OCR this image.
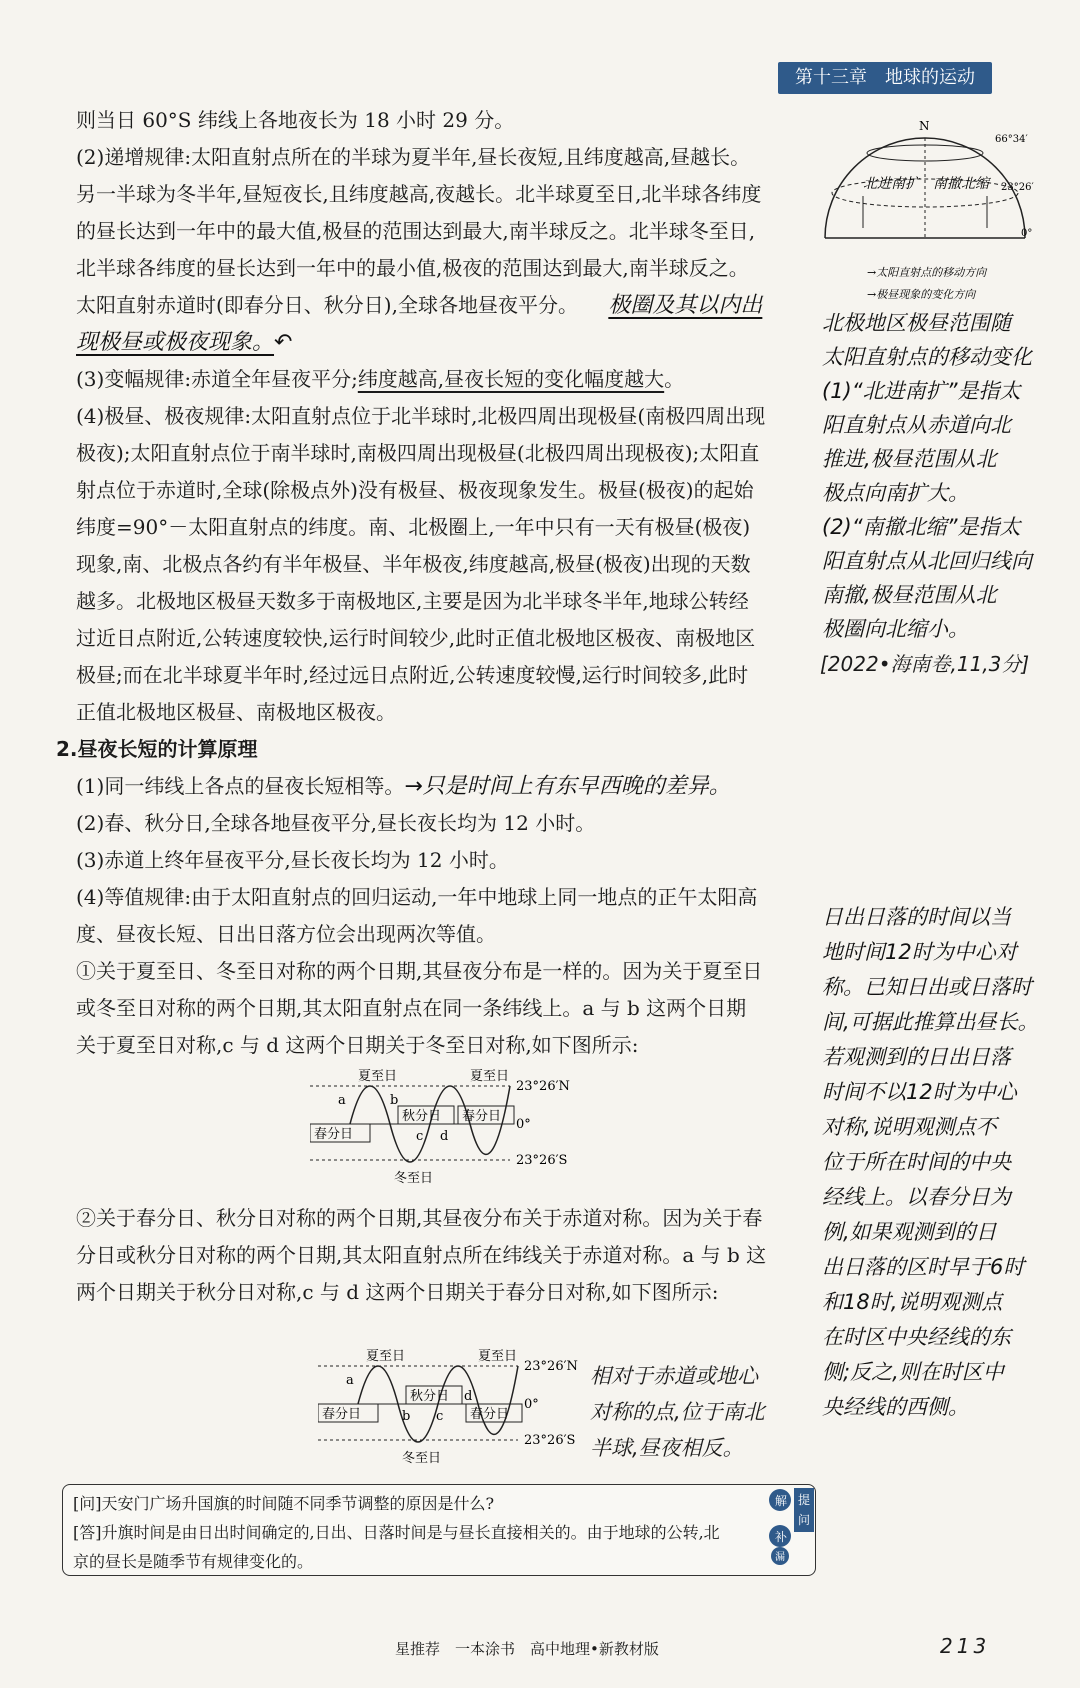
第十三章　地球的运动

则当日 60°S 纬线上各地夜长为 18 小时 29 分。

(2)递增规律:太阳直射点所在的半球为夏半年,昼长夜短,且纬度越高,昼越长。另一半球为冬半年,昼短夜长,且纬度越高,夜越长。北半球夏至日,北半球各纬度的昼长达到一年中的最大值,极昼的范围达到最大,南半球反之。北半球冬至日,北半球各纬度的昼长达到一年中的最小值,极夜的范围达到最大,南半球反之。太阳直射赤道时(即春分日、秋分日),全球各地昼夜平分。 极圈及其以内出现极昼或极夜现象。↶

(3)变幅规律:赤道全年昼夜平分;纬度越高,昼夜长短的变化幅度越大。

(4)极昼、极夜规律:太阳直射点位于北半球时,北极四周出现极昼(南极四周出现极夜);太阳直射点位于南半球时,南极四周出现极昼(北极四周出现极夜);太阳直射点位于赤道时,全球(除极点外)没有极昼、极夜现象发生。极昼(极夜)的起始纬度=90°－太阳直射点的纬度。南、北极圈上,一年中只有一天有极昼(极夜)现象,南、北极点各约有半年极昼、半年极夜,纬度越高,极昼(极夜)出现的天数越多。北极地区极昼天数多于南极地区,主要是因为北半球冬半年,地球公转经过近日点附近,公转速度较快,运行时间较少,此时正值北极地区极夜、南极地区极昼;而在北半球夏半年时,经过远日点附近,公转速度较慢,运行时间较多,此时正值北极地区极昼、南极地区极夜。

2.昼夜长短的计算原理

(1)同一纬线上各点的昼夜长短相等。→只是时间上有东早西晚的差异。

(2)春、秋分日,全球各地昼夜平分,昼长夜长均为 12 小时。

(3)赤道上终年昼夜平分,昼长夜长均为 12 小时。

(4)等值规律:由于太阳直射点的回归运动,一年中地球上同一地点的正午太阳高度、昼夜长短、日出日落方位会出现两次等值。

①关于夏至日、冬至日对称的两个日期,其昼夜分布是一样的。因为关于夏至日或冬至日对称的两个日期,其太阳直射点在同一条纬线上。a 与 b 这两个日期关于夏至日对称,c 与 d 这两个日期关于冬至日对称,如下图所示:

②关于春分日、秋分日对称的两个日期,其昼夜分布关于赤道对称。因为关于春分日或秋分日对称的两个日期,其太阳直射点所在纬线关于赤道对称。a 与 b 这两个日期关于秋分日对称,c 与 d 这两个日期关于春分日对称,如下图所示:

N
66°34′
23°26′
0°
北进南扩　南撤北缩
→太阳直射点的移动方向
→极昼现象的变化方向

北极地区极昼范围随

太阳直射点的移动变化

(1)“北进南扩”是指太

阳直射点从赤道向北

推进,极昼范围从北

极点向南扩大。

(2)“南撤北缩”是指太

阳直射点从北回归线向

南撤,极昼范围从北

极圈向北缩小。

[2022•海南卷,11,3分]

日出日落的时间以当

地时间12时为中心对

称。已知日出或日落时

间,可据此推算出昼长。

若观测到的日出日落

时间不以12时为中心

对称,说明观测点不

位于所在时间的中央

经线上。以春分日为

例,如果观测到的日

出日落的区时早于6时

和18时,说明观测点

在时区中央经线的东

侧;反之,则在时区中

央经线的西侧。

夏至日	夏至日
冬至日
春分日
秋分日 春分日
a	b
c d
23°26′N
0°
23°26′S
夏至日	夏至日
冬至日
春分日
秋分日
春分日
a
b c
d
23°26′N
0°
23°26′S
相对于赤道或地心
对称的点,位于南北
半球,昼夜相反。

[问]天安门广场升国旗的时间随不同季节调整的原因是什么?

[答]升旗时间是由日出时间确定的,日出、日落时间是与昼长直接相关的。由于地球的公转,北

京的昼长是随季节有规律变化的。

解 提
问
补
漏
星推荐　一本涂书　高中地理•新教材版	213
